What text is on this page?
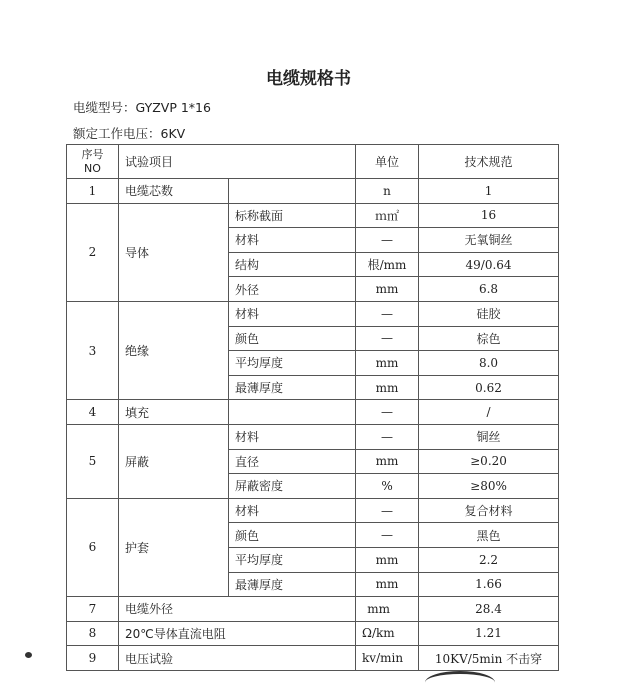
电缆规格书
电缆型号：GYZVP 1*16
额定工作电压：6KV
序号
NO	试验项目		单位	技术规范
1	电缆芯数		n	1
2	导体	标称截面	ｍ㎡	16
		材料	—	无氧铜丝
		结构	根/mm	49/0.64
		外径	mm	6.8
3	绝缘	材料	—	硅胶
		颜色	—	棕色
		平均厚度	mm	8.0
		最薄厚度	mm	0.62
4	填充		—	/
5	屏蔽	材料	—	铜丝
		直径	mm	≥0.20
		屏蔽密度	%	≥80%
6	护套	材料	—	复合材料
		颜色	—	黑色
		平均厚度	mm	2.2
		最薄厚度	mm	1.66
7	电缆外径		mm	28.4
8	20℃导体直流电阻		Ω/km	1.21
9	电压试验		kv/min	10KV/5min 不击穿
